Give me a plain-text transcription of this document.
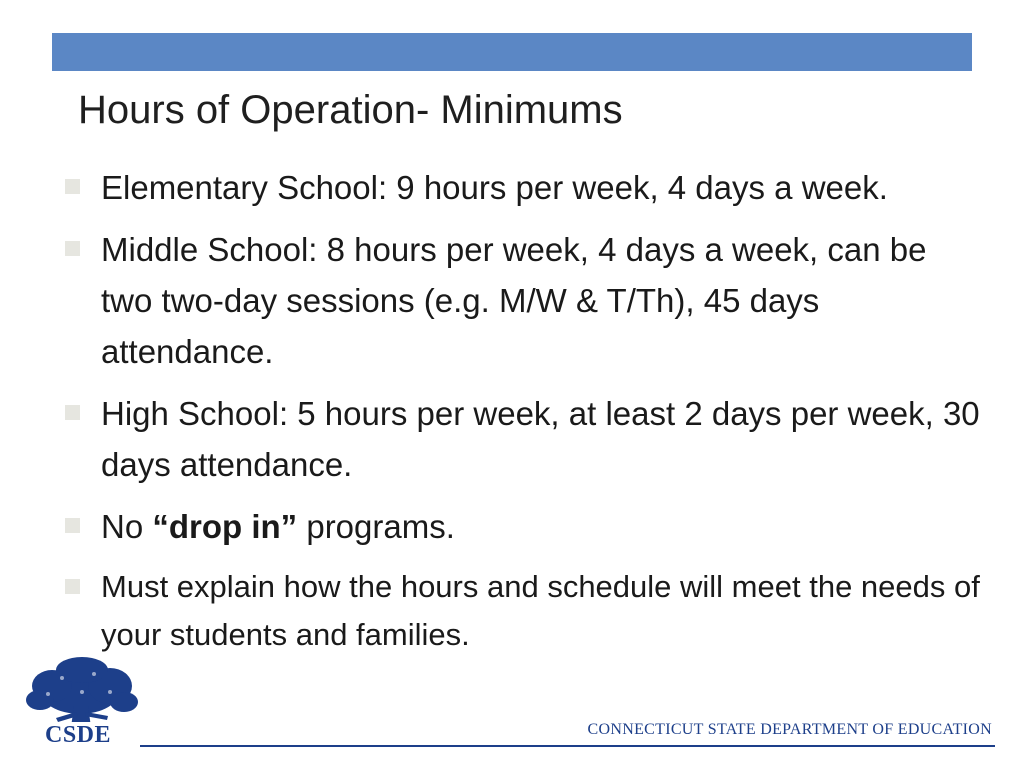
Hours of Operation- Minimums
Elementary School: 9 hours per week, 4 days a week.
Middle School: 8 hours per week, 4 days a week, can be two two-day sessions (e.g. M/W & T/Th), 45 days attendance.
High School: 5 hours per week, at least 2 days per week, 30 days attendance.
No “drop in” programs.
Must explain how the hours and schedule will meet the needs of your students and families.
CSDE	CONNECTICUT STATE DEPARTMENT OF EDUCATION
